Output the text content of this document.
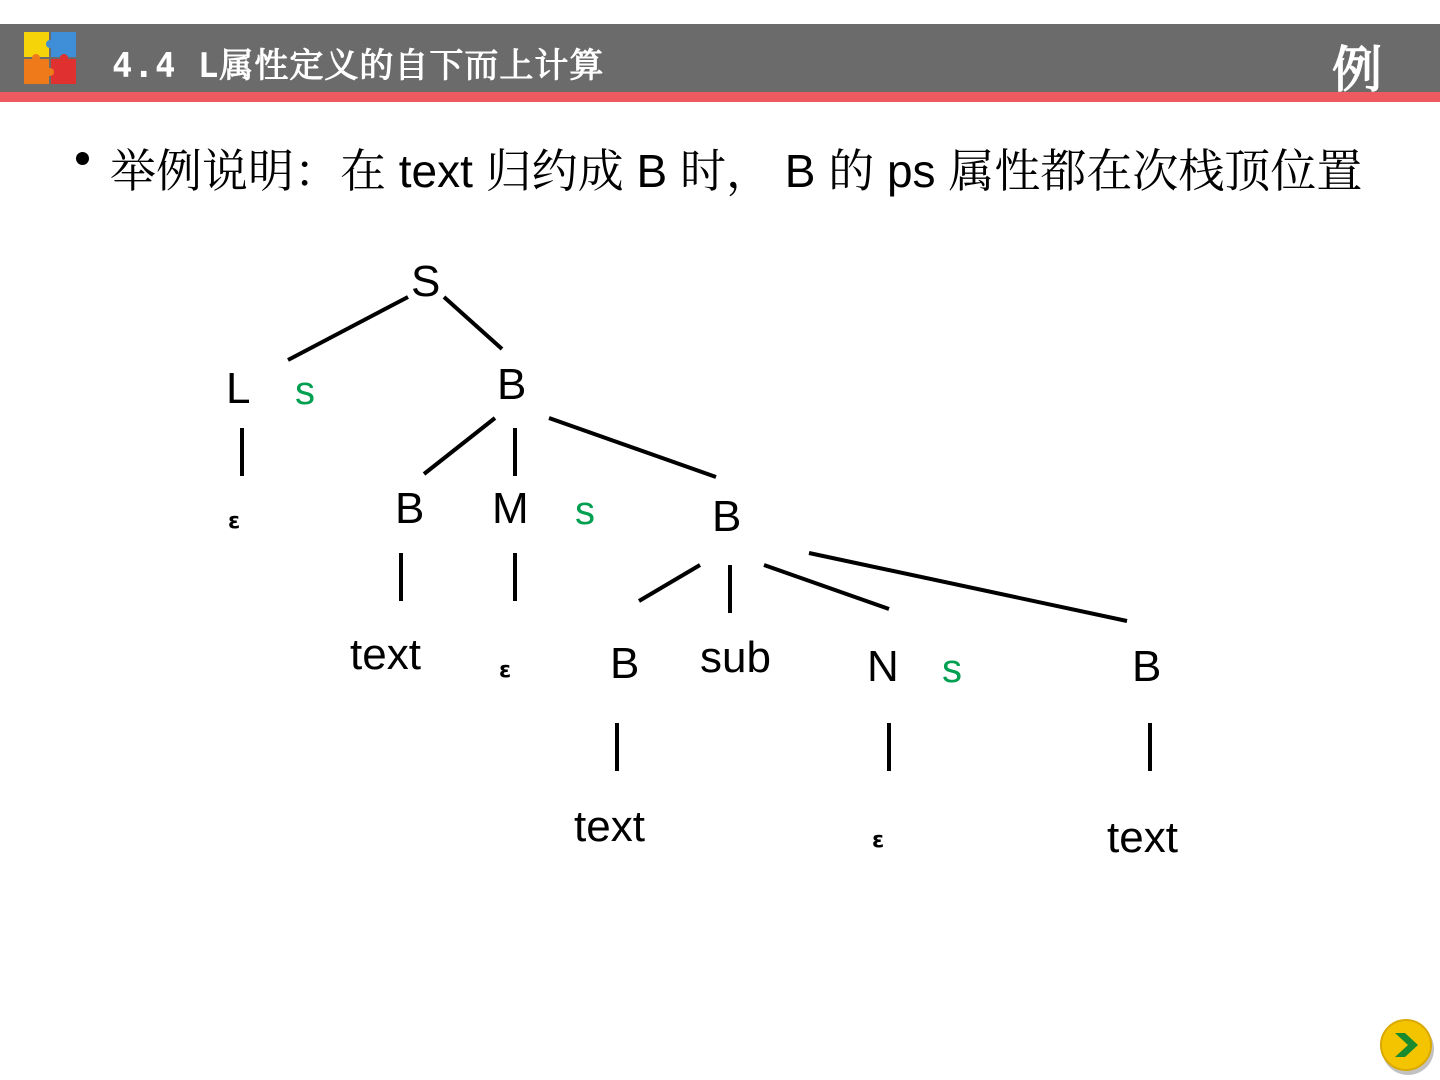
4.4 L属性定义的自下而上计算	例
举例说明：在 text 归约成 B 时， B 的 ps 属性都在次栈顶位置
S
L s	B
ε	B M s	B
text	ε B sub N s	B
text	ε	text
